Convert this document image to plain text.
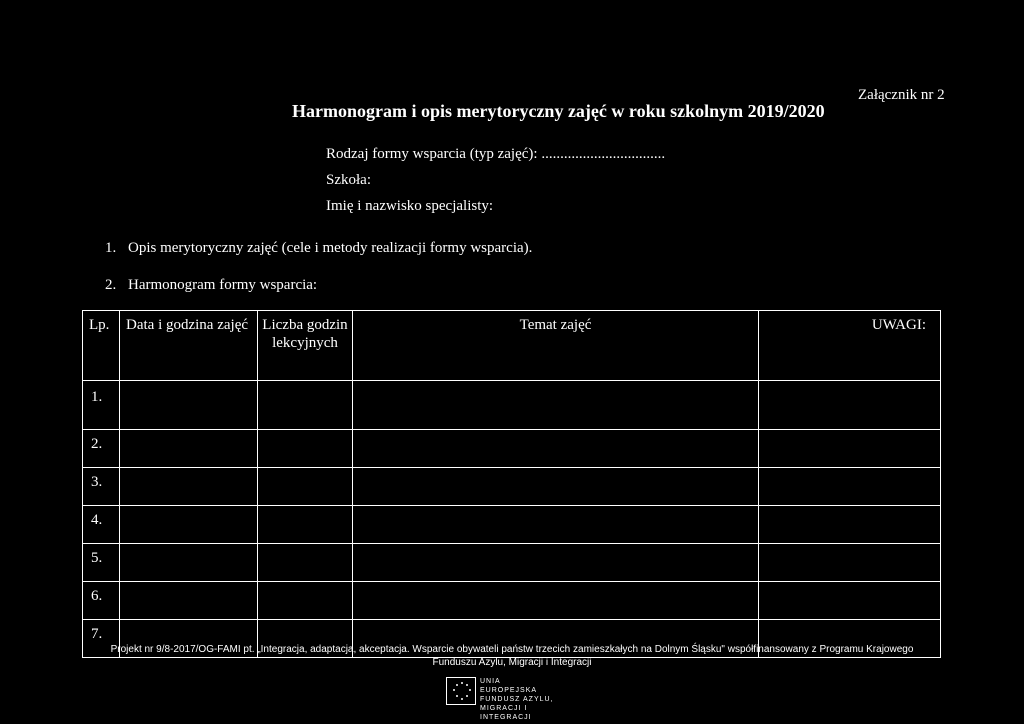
Załącznik nr 2
Harmonogram i opis merytoryczny zajęć w roku szkolnym 2019/2020
Rodzaj formy wsparcia (typ zajęć): .................................
Szkoła:
Imię i nazwisko specjalisty:
1. Opis merytoryczny zajęć (cele i metody realizacji formy wsparcia).
2. Harmonogram formy wsparcia:
Lp.	Data i godzina zajęć	Liczba godzin lekcyjnych	Temat zajęć	UWAGI:
1.				
2.				
3.				
4.				
5.				
6.				
7.				
Projekt nr 9/8-2017/OG-FAMI pt. „Integracja, adaptacja, akceptacja. Wsparcie obywateli państw trzecich zamieszkałych na Dolnym Śląsku" współfinansowany z Programu Krajowego
Funduszu Azylu, Migracji i Integracji
UNIA EUROPEJSKA
FUNDUSZ AZYLU,
MIGRACJI I INTEGRACJI
